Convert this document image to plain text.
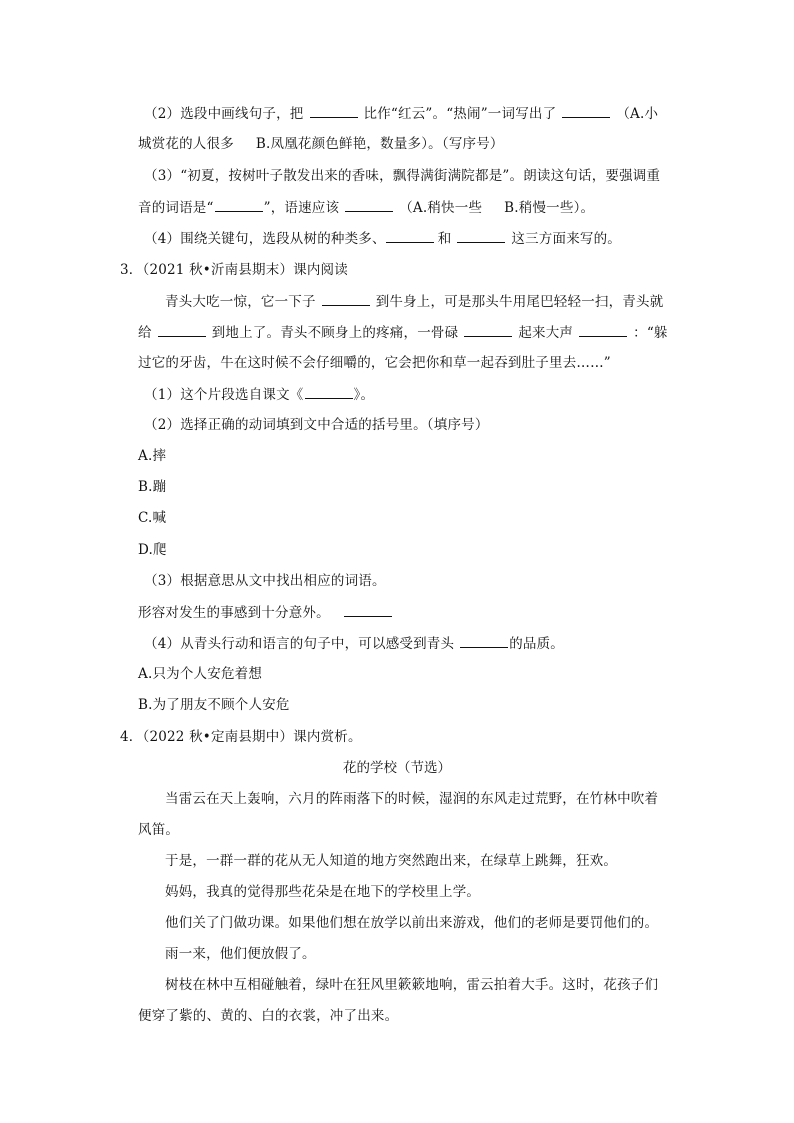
（2）选段中画线句子，把	比作“红云”。“热闹”一词写出了	（A.小
城赏花的人很多 B.凤凰花颜色鲜艳，数量多）。（写序号）
（3）“初夏，按树叶子散发出来的香味，飘得满街满院都是”。朗读这句话，要强调重
音的词语是“	”，语速应该	（A.稍快一些 B.稍慢一些）。
（4）围绕关键句，选段从树的种类多、	和	这三方面来写的。
3．（2021 秋•沂南县期末）课内阅读
青头大吃一惊，它一下子	到牛身上，可是那头牛用尾巴轻轻一扫，青头就
给	到地上了。青头不顾身上的疼痛，一骨碌	起来大声	：“躲
过它的牙齿，牛在这时候不会仔细嚼的，它会把你和草一起吞到肚子里去……”
（1）这个片段选自课文《	》。
（2）选择正确的动词填到文中合适的括号里。（填序号）
A.摔
B.蹦
C.喊
D.爬
（3）根据意思从文中找出相应的词语。
形容对发生的事感到十分意外。
（4）从青头行动和语言的句子中，可以感受到青头	的品质。
A.只为个人安危着想
B.为了朋友不顾个人安危
4．（2022 秋•定南县期中）课内赏析。
花的学校（节选）
当雷云在天上轰响，六月的阵雨落下的时候，湿润的东风走过荒野，在竹林中吹着
风笛。
于是，一群一群的花从无人知道的地方突然跑出来，在绿草上跳舞，狂欢。
妈妈，我真的觉得那些花朵是在地下的学校里上学。
他们关了门做功课。如果他们想在放学以前出来游戏，他们的老师是要罚他们的。
雨一来，他们便放假了。
树枝在林中互相碰触着，绿叶在狂风里簌簌地响，雷云拍着大手。这时，花孩子们
便穿了紫的、黄的、白的衣裳，冲了出来。
